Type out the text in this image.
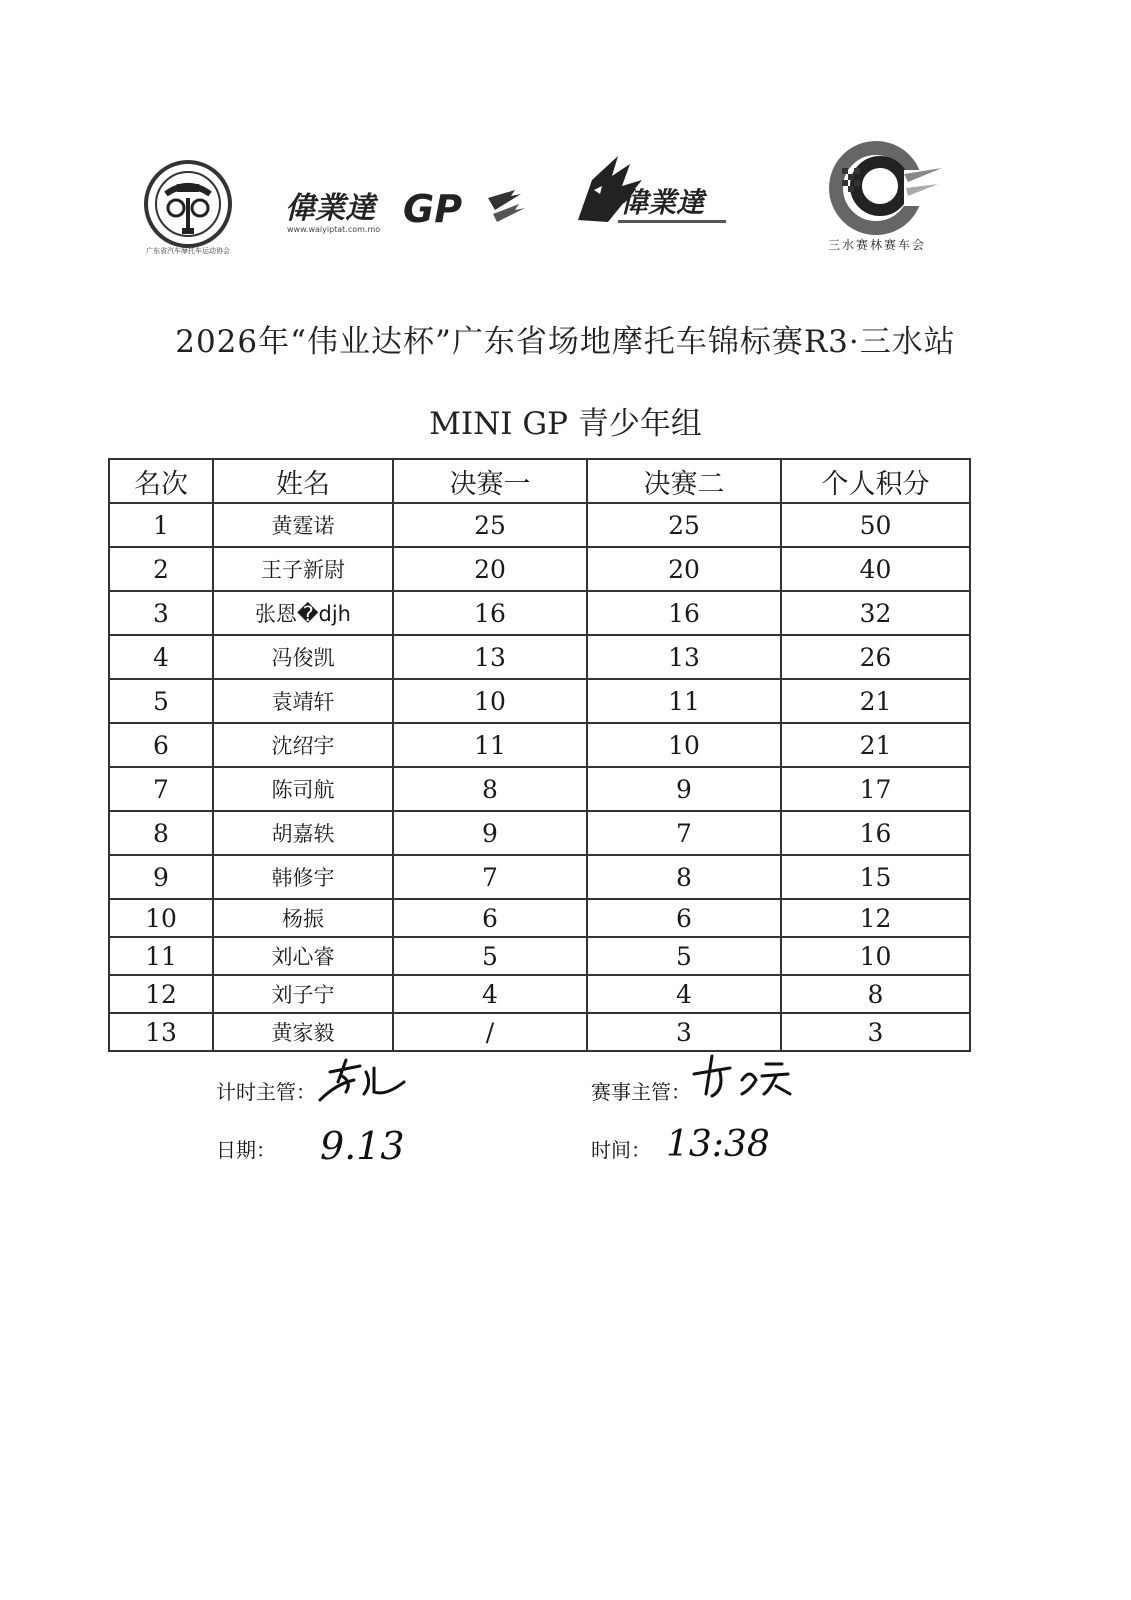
偉業達 GP
www.waiyiptat.com.mo
偉業達
广东省汽车摩托车运动协会	三水赛林赛车会
2026年“伟业达杯”广东省场地摩托车锦标赛R3·三水站
MINI GP 青少年组
名次	姓名	决赛一	决赛二	个人积分
1	黄霆诺	25	25	50
2	王子新尉	20	20	40
3	张恩�djh	16	16	32
4	冯俊凯	13	13	26
5	袁靖轩	10	11	21
6	沈绍宇	11	10	21
7	陈司航	8	9	17
8	胡嘉轶	9	7	16
9	韩修宇	7	8	15
10	杨振	6	6	12
11	刘心睿	5	5	10
12	刘子宁	4	4	8
13	黄家毅	/	3	3
计时主管：	赛事主管：
日期： 9.13	时间： 13:38
